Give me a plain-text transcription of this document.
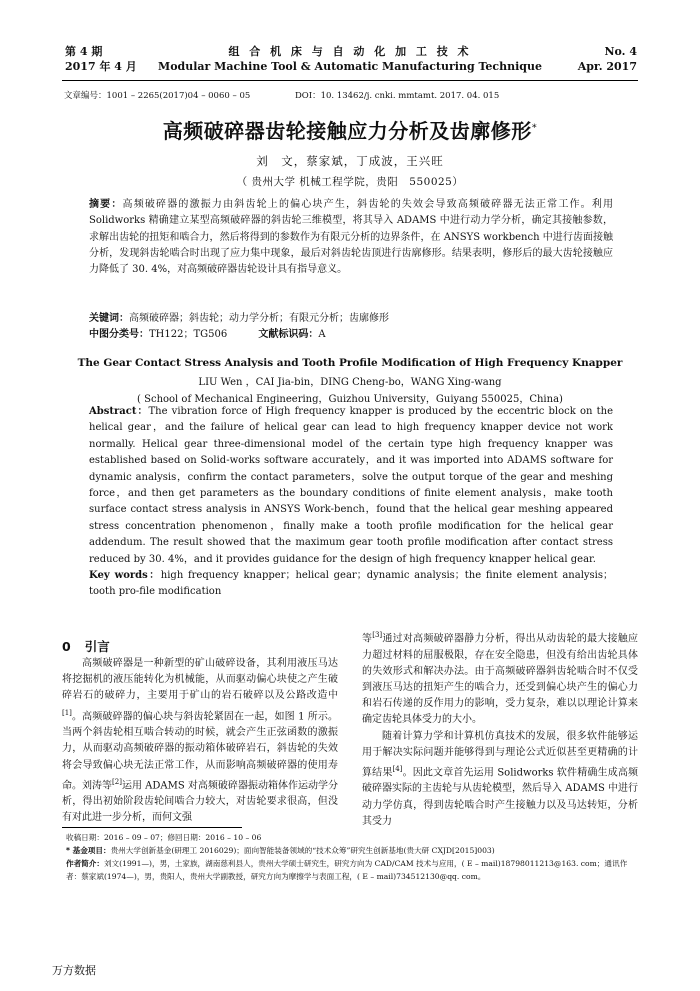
第 4 期
2017 年 4 月
组 合 机 床 与 自 动 化 加 工 技 术
Modular Machine Tool & Automatic Manufacturing Technique
No. 4
Apr. 2017
文章编号：1001 – 2265(2017)04 – 0060 – 05	DOI：10. 13462/j. cnki. mmtamt. 2017. 04. 015
高频破碎器齿轮接触应力分析及齿廓修形*
刘　文，蔡家斌，丁成波，王兴旺
（ 贵州大学 机械工程学院，贵阳　550025）
摘要：高频破碎器的激振力由斜齿轮上的偏心块产生，斜齿轮的失效会导致高频破碎器无法正常工作。利用 Solidworks 精确建立某型高频破碎器的斜齿轮三维模型，将其导入 ADAMS 中进行动力学分析，确定其接触参数，求解出齿轮的扭矩和啮合力，然后将得到的参数作为有限元分析的边界条件，在 ANSYS workbench 中进行齿面接触分析，发现斜齿轮啮合时出现了应力集中现象，最后对斜齿轮齿顶进行齿廓修形。结果表明，修形后的最大齿轮接触应力降低了 30. 4%，对高频破碎器齿轮设计具有指导意义。
关键词：高频破碎器；斜齿轮；动力学分析；有限元分析；齿廓修形
中图分类号：TH122；TG506	文献标识码：A
The Gear Contact Stress Analysis and Tooth Profile Modification of High Frequency Knapper
LIU Wen ，CAI Jia-bin，DING Cheng-bo，WANG Xing-wang
( School of Mechanical Engineering，Guizhou University，Guiyang 550025，China)
Abstract：The vibration force of High frequency knapper is produced by the eccentric block on the helical gear，and the failure of helical gear can lead to high frequency knapper device not work normally. Helical gear three-dimensional model of the certain type high frequency knapper was established based on Solid-works software accurately，and it was imported into ADAMS software for dynamic analysis，confirm the contact parameters，solve the output torque of the gear and meshing force，and then get parameters as the boundary conditions of finite element analysis，make tooth surface contact stress analysis in ANSYS Work-bench，found that the helical gear meshing appeared stress concentration phenomenon，finally make a tooth profile modification for the helical gear addendum. The result showed that the maximum gear tooth profile modification after contact stress reduced by 30. 4%，and it provides guidance for the design of high frequency knapper helical gear.
Key words：high frequency knapper；helical gear；dynamic analysis；the finite element analysis；tooth pro-file modification
0 引言

高频破碎器是一种新型的矿山破碎设备，其利用液压马达将挖掘机的液压能转化为机械能，从而驱动偏心块使之产生破碎岩石的破碎力，主要用于矿山的岩石破碎以及公路改造中[1]。高频破碎器的偏心块与斜齿轮紧固在一起，如图 1 所示。当两个斜齿轮相互啮合转动的时候，就会产生正弦函数的激振力，从而驱动高频破碎器的振动箱体破碎岩石，斜齿轮的失效将会导致偏心块无法正常工作，从而影响高频破碎器的使用寿命。刘涛等[2]运用 ADAMS 对高频破碎器振动箱体作运动学分析，得出初始阶段齿轮间啮合力较大，对齿轮要求很高，但没有对此进一步分析，而何文强

等[3]通过对高频破碎器静力分析，得出从动齿轮的最大接触应力超过材料的屈服极限，存在安全隐患，但没有给出齿轮具体的失效形式和解决办法。由于高频破碎器斜齿轮啮合时不仅受到液压马达的扭矩产生的啮合力，还受到偏心块产生的偏心力和岩石传递的反作用力的影响，受力复杂，难以以理论计算来确定齿轮具体受力的大小。

随着计算力学和计算机仿真技术的发展，很多软件能够运用于解决实际问题并能够得到与理论公式近似甚至更精确的计算结果[4]。因此文章首先运用 Solidworks 软件精确生成高频破碎器实际的主齿轮与从齿轮模型，然后导入 ADAMS 中进行动力学仿真，得到齿轮啮合时产生接触力以及马达转矩，分析其受力

收稿日期：2016 – 09 – 07；修回日期：2016 – 10 – 06
* 基金项目：贵州大学创新基金(研理工 2016029)；面向智能装备领域的“技术众筹”研究生创新基地(贵大研 CXJD[2015]003)
作者简介：刘文(1991—)，男，土家族，湖南慈利县人，贵州大学硕士研究生，研究方向为 CAD/CAM 技术与应用，( E – mail)18798011213@163. com；通讯作者：蔡家斌(1974—)，男，贵阳人，贵州大学副教授，研究方向为摩擦学与表面工程，( E – mail)734512130@qq. com。
万方数据
